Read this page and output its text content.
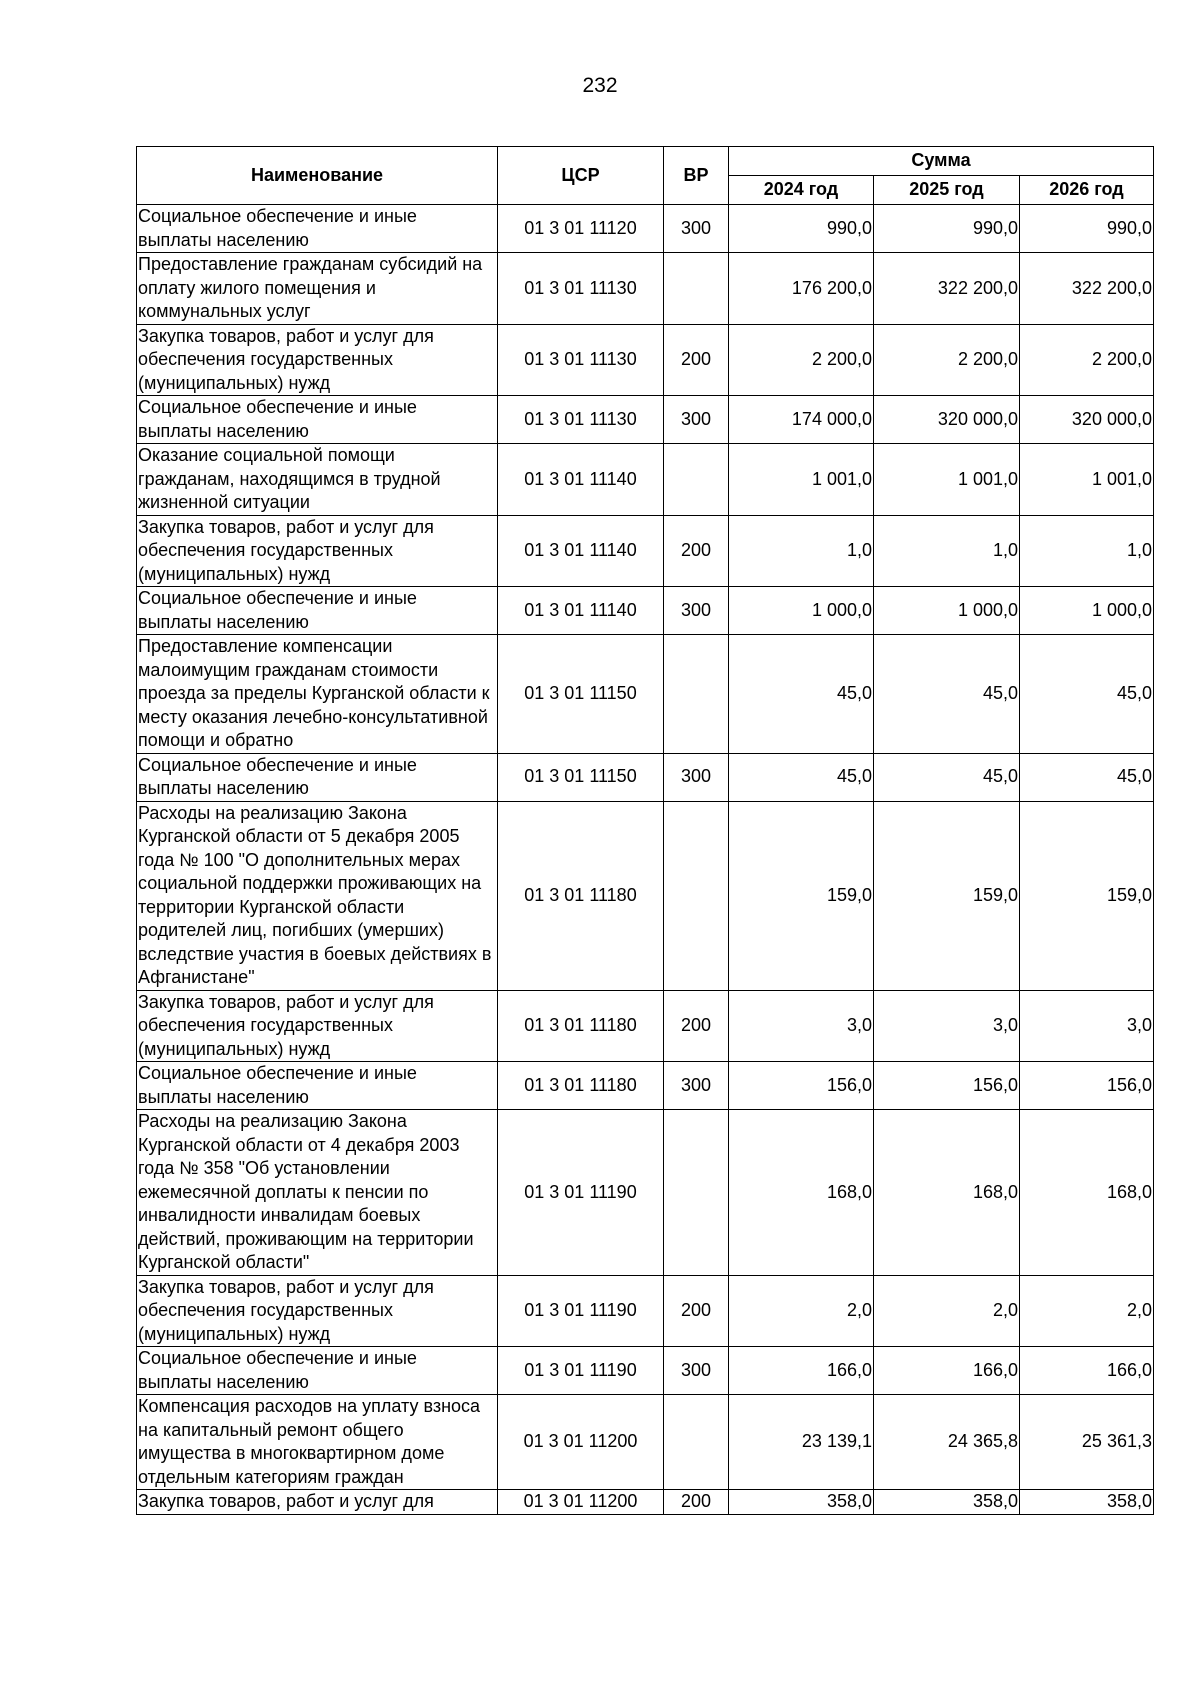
232
Наименование	ЦСР	ВР	Сумма		
			2024 год	2025 год	2026 год
Социальное обеспечение и иные выплаты населению	01 3 01 11120	300	990,0	990,0	990,0
Предоставление гражданам субсидий на оплату жилого помещения и коммунальных услуг	01 3 01 11130		176 200,0	322 200,0	322 200,0
Закупка товаров, работ и услуг для обеспечения государственных (муниципальных) нужд	01 3 01 11130	200	2 200,0	2 200,0	2 200,0
Социальное обеспечение и иные выплаты населению	01 3 01 11130	300	174 000,0	320 000,0	320 000,0
Оказание социальной помощи гражданам, находящимся в трудной жизненной ситуации	01 3 01 11140		1 001,0	1 001,0	1 001,0
Закупка товаров, работ и услуг для обеспечения государственных (муниципальных) нужд	01 3 01 11140	200	1,0	1,0	1,0
Социальное обеспечение и иные выплаты населению	01 3 01 11140	300	1 000,0	1 000,0	1 000,0
Предоставление компенсации малоимущим гражданам стоимости проезда за пределы Курганской области к месту оказания лечебно-консультативной помощи и обратно	01 3 01 11150		45,0	45,0	45,0
Социальное обеспечение и иные выплаты населению	01 3 01 11150	300	45,0	45,0	45,0
Расходы на реализацию Закона Курганской области от 5 декабря 2005 года № 100 "О дополнительных мерах социальной поддержки проживающих на территории Курганской области родителей лиц, погибших (умерших) вследствие участия в боевых действиях в Афганистане"	01 3 01 11180		159,0	159,0	159,0
Закупка товаров, работ и услуг для обеспечения государственных (муниципальных) нужд	01 3 01 11180	200	3,0	3,0	3,0
Социальное обеспечение и иные выплаты населению	01 3 01 11180	300	156,0	156,0	156,0
Расходы на реализацию Закона Курганской области от 4 декабря 2003 года № 358 "Об установлении ежемесячной доплаты к пенсии по инвалидности инвалидам боевых действий, проживающим на территории Курганской области"	01 3 01 11190		168,0	168,0	168,0
Закупка товаров, работ и услуг для обеспечения государственных (муниципальных) нужд	01 3 01 11190	200	2,0	2,0	2,0
Социальное обеспечение и иные выплаты населению	01 3 01 11190	300	166,0	166,0	166,0
Компенсация расходов на уплату взноса на капитальный ремонт общего имущества в многоквартирном доме отдельным категориям граждан	01 3 01 11200		23 139,1	24 365,8	25 361,3
Закупка товаров, работ и услуг для	01 3 01 11200	200	358,0	358,0	358,0
